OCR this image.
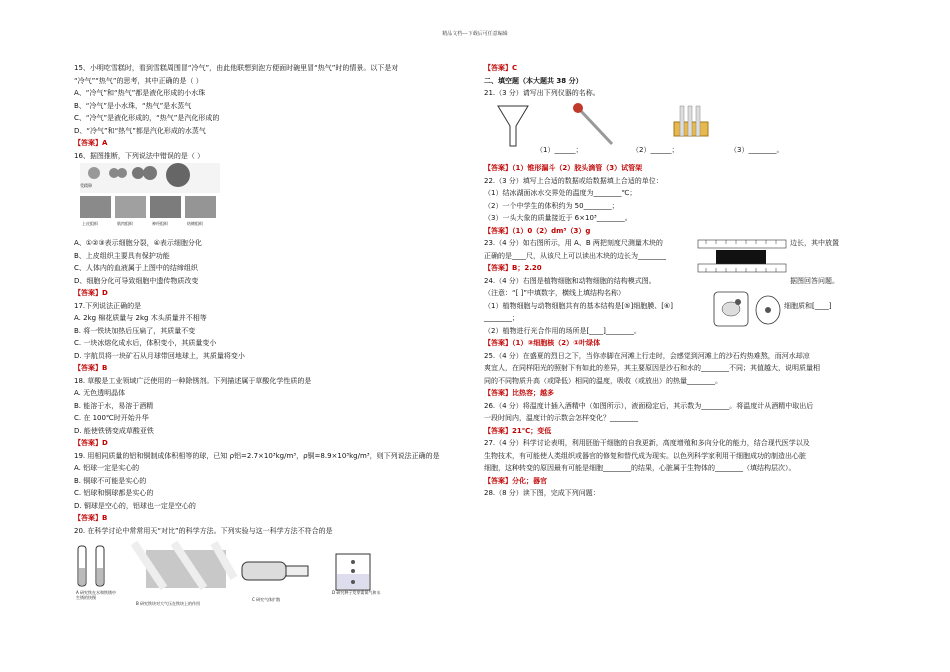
精品文档---下载后可任意编辑
15、小明吃雪糕时，看到雪糕周围冒“冷气”，由此他联想到泡方便面时碗里冒“热气”时的情景。以下是对
“冷气”“热气”的思考，其中正确的是（ ）
A、“冷气”和“热气”都是液化形成的小水珠
B、“冷气”是小水珠，“热气”是水蒸气
C、“冷气”是液化形成的，“热气”是汽化形成的
D、“冷气”和“热气”都是汽化形成的水蒸气
【答案】A
16、据图推断，下列说法中错误的是（ ）
受精卵
上皮组织	肌肉组织	神经组织	结缔组织
A、①②③表示细胞分裂，④表示细胞分化
B、上皮组织主要具有保护功能
C、人体内的血液属于上图中的结缔组织
D、细胞分化可导致细胞中遗传物质改变
【答案】D
17.下列说法正确的是
A. 2kg 棉花质量与 2kg 木头质量并不相等
B. 将一铁块加热后压扁了，其质量不变
C. 一块冰熔化成水后，体积变小，其质量变小
D. 宇航员将一块矿石从月球带回地球上，其质量将变小
【答案】B
18. 草酸是工业领域广泛使用的一种除锈剂。下列描述属于草酸化学性质的是
A. 无色透明晶体
B. 能溶于水，易溶于酒精
C. 在 100℃时开始升华
D. 能使铁锈变成草酸亚铁
【答案】D
19. 用相同质量的铝和铜制成体积相等的球，已知 ρ铝=2.7×10³kg/m³，ρ铜=8.9×10³kg/m³，则下列说法正确的是
A. 铝球一定是实心的
B. 铜球不可能是实心的
C. 铝球和铜球都是实心的
D. 铜球是空心的，铝球也一定是空心的
【答案】B
20. 在科学讨论中常常用天“对比”的科学方法。下列实验与这一科学方法不符合的是
A 研究铁在水和铁锈中生锈的快慢
B 研究铁块对大气压在铁块上的作用
C 研究气体扩散
D 研究种子发芽需氧气和水
【答案】C
二、填空题（本大题共 38 分）
21.（3 分）请写出下列仪器的名称。
（1）______；	（2）______；	（3）________。
【答案】（1）锥形漏斗（2）胶头滴管（3）试管架
22.（3 分）填写上合适的数据或给数据填上合适的单位：
（1）结冰湖面冰水交界处的温度为________℃；
（2）一个中学生的体积约为 50________；
（3）一头大象的质量接近于 6×10³________。
【答案】（1）0（2）dm³（3）g
23.（4 分）如右图所示，用 A、B 两把刻度尺测量木块的	边长，其中放置
正确的是____尺，从该尺上可以读出木块的边长为________
【答案】B；2.20
24.（4 分）右图是植物细胞和动物细胞的结构模式图。	据图回答问题。
（注意：“[ ]”中填数字，横线上填结构名称）
（1）植物细胞与动物细胞共有的基本结构是[⑤]细胞膜、[⑥]	细胞质和[____]
________；
（2）植物进行光合作用的场所是[____]________。
【答案】（1）③细胞核（2）①叶绿体
25.（4 分）在盛夏的烈日之下，当你赤脚在河滩上行走时，会感觉到河滩上的沙石灼热难熬，而河水却凉
爽宜人，在同样阳光的照射下有如此的差异，其主要原因是沙石和水的________不同；其值越大，说明质量相
同的不同物质升高（或降低）相同的温度，吸收（或放出）的热量________。
【答案】比热容；越多
26.（4 分）将温度计插入酒精中（如图所示），液面稳定后，其示数为________。将温度计从酒精中取出后
一段时间内，温度计的示数会怎样变化？________
【答案】21℃；变低
27.（4 分）科学讨论表明，利用胚胎干细胞的自我更新，高度增殖和多向分化的能力，结合现代医学以及
生物技术，有可能使人类组织或器官的修复和替代成为现实。以色列科学家利用干细胞成功的制造出心脏
细胞，这种转变的原因最有可能是细胞________的结果，心脏属于生物体的________（填结构层次）。
【答案】分化；器官
28.（8 分）读下图，完成下列问题：
